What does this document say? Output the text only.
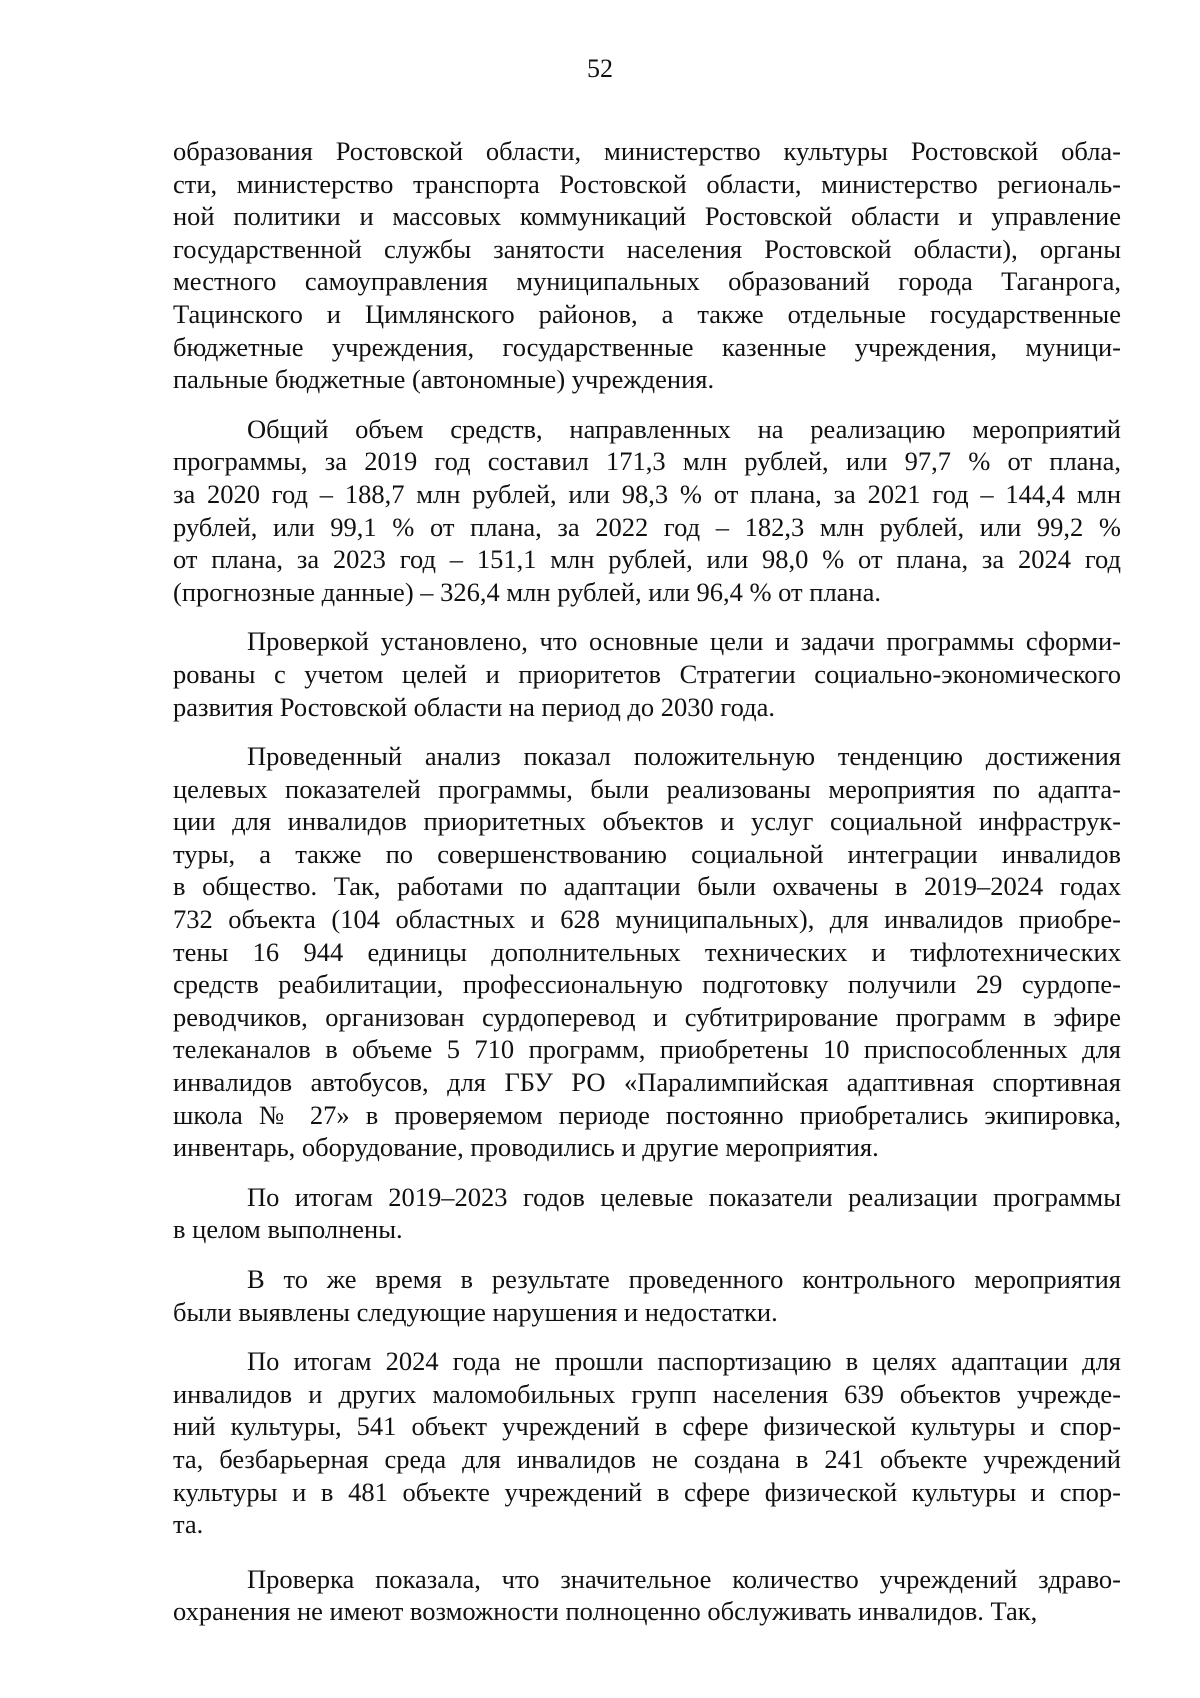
52
образования Ростовской области, министерство культуры Ростовской обла-
сти, министерство транспорта Ростовской области, министерство региональ-
ной политики и массовых коммуникаций Ростовской области и управление
государственной службы занятости населения Ростовской области), органы
местного самоуправления муниципальных образований города Таганрога,
Тацинского и Цимлянского районов, а также отдельные государственные
бюджетные учреждения, государственные казенные учреждения, муници-
пальные бюджетные (автономные) учреждения.
Общий объем средств, направленных на реализацию мероприятий
программы, за 2019 год составил 171,3 млн рублей, или 97,7 % от плана,
за 2020 год – 188,7 млн рублей, или 98,3 % от плана, за 2021 год – 144,4 млн
рублей, или 99,1 % от плана, за 2022 год – 182,3 млн рублей, или 99,2 %
от плана, за 2023 год – 151,1 млн рублей, или 98,0 % от плана, за 2024 год
(прогнозные данные) – 326,4 млн рублей, или 96,4 % от плана.
Проверкой установлено, что основные цели и задачи программы сформи-
рованы с учетом целей и приоритетов Стратегии социально-экономического
развития Ростовской области на период до 2030 года.
Проведенный анализ показал положительную тенденцию достижения
целевых показателей программы, были реализованы мероприятия по адапта-
ции для инвалидов приоритетных объектов и услуг социальной инфраструк-
туры, а также по совершенствованию социальной интеграции инвалидов
в общество. Так, работами по адаптации были охвачены в 2019–2024 годах
732 объекта (104 областных и 628 муниципальных), для инвалидов приобре-
тены 16 944 единицы дополнительных технических и тифлотехнических
средств реабилитации, профессиональную подготовку получили 29 сурдопе-
реводчиков, организован сурдоперевод и субтитрирование программ в эфире
телеканалов в объеме 5 710 программ, приобретены 10 приспособленных для
инвалидов автобусов, для ГБУ РО «Паралимпийская адаптивная спортивная
школа № 27» в проверяемом периоде постоянно приобретались экипировка,
инвентарь, оборудование, проводились и другие мероприятия.
По итогам 2019–2023 годов целевые показатели реализации программы
в целом выполнены.
В то же время в результате проведенного контрольного мероприятия
были выявлены следующие нарушения и недостатки.
По итогам 2024 года не прошли паспортизацию в целях адаптации для
инвалидов и других маломобильных групп населения 639 объектов учрежде-
ний культуры, 541 объект учреждений в сфере физической культуры и спор-
та, безбарьерная среда для инвалидов не создана в 241 объекте учреждений
культуры и в 481 объекте учреждений в сфере физической культуры и спор-
та.
Проверка показала, что значительное количество учреждений здраво-
охранения не имеют возможности полноценно обслуживать инвалидов. Так,
